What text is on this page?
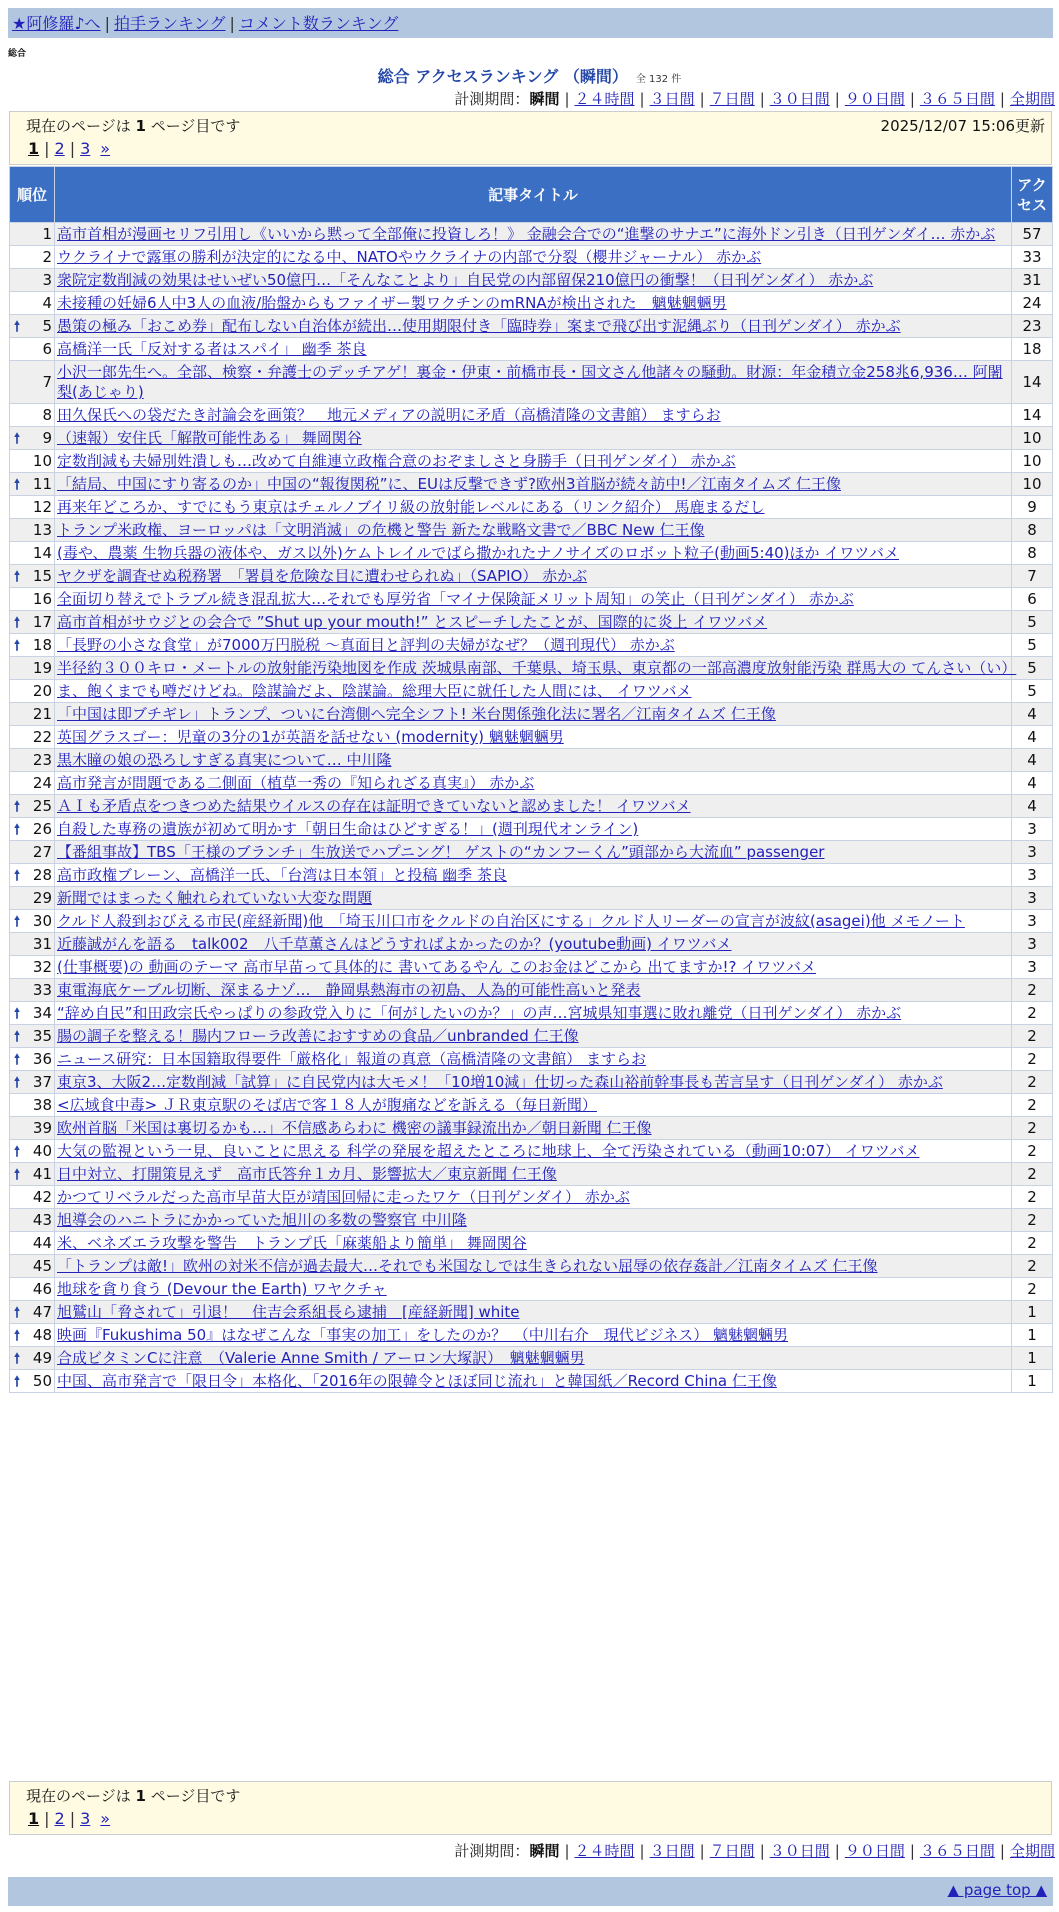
★阿修羅♪へ | 拍手ランキング | コメント数ランキング
総合
総合 アクセスランキング （瞬間） 全 132 件
計測期間：瞬間 | ２４時間 | ３日間 | ７日間 | ３０日間 | ９０日間 | ３６５日間 | 全期間
現在のページは 1 ページ目です	2025/12/07 15:06更新
1 | 2 | 3 »
順位	記事タイトル	アクセス
1	高市首相が漫画セリフ引用し《いいから黙って全部俺に投資しろ！》 金融会合での“進撃のサナエ”に海外ドン引き（日刊ゲンダイ… 赤かぶ	57
2	ウクライナで露軍の勝利が決定的になる中、NATOやウクライナの内部で分裂（櫻井ジャーナル） 赤かぶ	33
3	衆院定数削減の効果はせいぜい50億円…「そんなことより」自民党の内部留保210億円の衝撃！（日刊ゲンダイ） 赤かぶ	31
4	未接種の妊婦6人中3人の血液/胎盤からもファイザー製ワクチンのmRNAが検出された　魑魅魍魎男	24

🠕 5	愚策の極み「おこめ券」配布しない自治体が続出…使用期限付き「臨時券」案まで飛び出す泥縄ぶり（日刊ゲンダイ） 赤かぶ	23
6	高橋洋一氏「反対する者はスパイ」 幽季 茶良	18
7	小沢一郎先生へ。全部、検察・弁護士のデッチアゲ！裏金・伊東・前橋市長・国文さん他諸々の騒動。財源：年金積立金258兆6,936… 阿闍梨(あじゃり)	14
8	田久保氏への袋だたき討論会を画策？　地元メディアの説明に矛盾（高橋清隆の文書館） ますらお	14

🠕 9	（速報）安住氏「解散可能性ある」 舞岡関谷	10
10	定数削減も夫婦別姓潰しも…改めて自維連立政権合意のおぞましさと身勝手（日刊ゲンダイ） 赤かぶ	10

🠕 11	「結局、中国にすり寄るのか」中国の“報復関税”に、EUは反撃できず?欧州3首脳が続々訪中!／江南タイムズ 仁王像	10
12	再来年どころか、すでにもう東京はチェルノブイリ級の放射能レベルにある（リンク紹介） 馬鹿まるだし	9
13	トランプ米政権、ヨーロッパは「文明消滅」の危機と警告 新たな戦略文書で／BBC New 仁王像	8
14	(毒や、農薬 生物兵器の液体や、ガス以外)ケムトレイルでばら撒かれたナノサイズのロボット粒子(動画5:40)ほか イワツバメ	8

🠕 15	ヤクザを調査せぬ税務署　「署員を危険な目に遭わせられぬ」（SAPIO） 赤かぶ	7
16	全面切り替えでトラブル続き混乱拡大…それでも厚労省「マイナ保険証メリット周知」の笑止（日刊ゲンダイ） 赤かぶ	6

🠕 17	高市首相がサウジとの会合で ”Shut up your mouth!” とスピーチしたことが、国際的に炎上 イワツバメ	5

🠕 18	「長野の小さな食堂」が7000万円脱税 ～真面目と評判の夫婦がなぜ？（週刊現代） 赤かぶ	5
19	半径約３００キロ・メートルの放射能汚染地図を作成 茨城県南部、千葉県、埼玉県、東京都の一部高濃度放射能汚染 群馬大の てんさい（い）	5
20	ま、飽くまでも噂だけどね。陰謀論だよ、陰謀論。総理大臣に就任した人間には、 イワツバメ	5
21	「中国は即ブチギレ」トランプ、ついに台湾側へ完全シフト! 米台関係強化法に署名／江南タイムズ 仁王像	4
22	英国グラスゴー：児童の3分の1が英語を話せない (modernity) 魑魅魍魎男	4
23	黒木瞳の娘の恐ろしすぎる真実について… 中川隆	4
24	高市発言が問題である二側面（植草一秀の『知られざる真実』） 赤かぶ	4

🠕 25	ＡＩも矛盾点をつきつめた結果ウイルスの存在は証明できていないと認めました！ イワツバメ	4

🠕 26	自殺した専務の遺族が初めて明かす「朝日生命はひどすぎる！」(週刊現代オンライン)	3
27	【番組事故】TBS「王様のブランチ」生放送でハプニング！ ゲストの“カンフーくん”頭部から大流血” passenger	3

🠕 28	高市政権ブレーン、高橋洋一氏、「台湾は日本領」と投稿 幽季 茶良	3
29	新聞ではまったく触れられていない大変な問題	3

🠕 30	クルド人殺到おびえる市民(産経新聞)他　「埼玉川口市をクルドの自治区にする」クルド人リーダーの宣言が波紋(asagei)他 メモノート	3
31	近藤誠がんを語る　talk002　八千草薫さんはどうすればよかったのか？(youtube動画) イワツバメ	3
32	(仕事概要)の 動画のテーマ 高市早苗って具体的に 書いてあるやん このお金はどこから 出てますか!? イワツバメ	3
33	東電海底ケーブル切断、深まるナゾ…　静岡県熱海市の初島、人為的可能性高いと発表	2

🠕 34	“辞め自民”和田政宗氏やっぱりの参政党入りに「何がしたいのか？」の声…宮城県知事選に敗れ離党（日刊ゲンダイ） 赤かぶ	2

🠕 35	腸の調子を整える！腸内フローラ改善におすすめの食品／unbranded 仁王像	2

🠕 36	ニュース研究：日本国籍取得要件「厳格化」報道の真意（高橋清隆の文書館） ますらお	2

🠕 37	東京3、大阪2…定数削減「試算」に自民党内は大モメ！「10増10減」仕切った森山裕前幹事長も苦言呈す（日刊ゲンダイ） 赤かぶ	2
38	<広域食中毒> ＪＲ東京駅のそば店で客１８人が腹痛などを訴える（毎日新聞）	2
39	欧州首脳「米国は裏切るかも…」不信感あらわに 機密の議事録流出か／朝日新聞 仁王像	2

🠕 40	大気の監視という一見、良いことに思える 科学の発展を超えたところに地球上、全て汚染されている（動画10:07） イワツバメ	2

🠕 41	日中対立、打開策見えず　高市氏答弁１カ月、影響拡大／東京新聞 仁王像	2
42	かつてリベラルだった高市早苗大臣が靖国回帰に走ったワケ（日刊ゲンダイ） 赤かぶ	2
43	旭導会のハニトラにかかっていた旭川の多数の警察官 中川隆	2
44	米、ベネズエラ攻撃を警告　トランプ氏「麻薬船より簡単」 舞岡関谷	2
45	「トランプは敵!」欧州の対米不信が過去最大…それでも米国なしでは生きられない屈辱の依存姦計／江南タイムズ 仁王像	2
46	地球を貪り食う (Devour the Earth) ワヤクチャ	2

🠕 47	旭鷲山「脅されて」引退！　住吉会系組長ら逮捕　[産経新聞] white	1

🠕 48	映画『Fukushima 50』はなぜこんな「事実の加工」をしたのか？　（中川右介　現代ビジネス） 魑魅魍魎男	1

🠕 49	合成ビタミンCに注意　（Valerie Anne Smith / アーロン大塚訳）　魑魅魍魎男	1

🠕 50	中国、高市発言で「限日令」本格化、「2016年の限韓令とほぼ同じ流れ」と韓国紙／Record China 仁王像	1
現在のページは 1 ページ目です
1 | 2 | 3 »
計測期間：瞬間 | ２４時間 | ３日間 | ７日間 | ３０日間 | ９０日間 | ３６５日間 | 全期間
▲ page top ▲
